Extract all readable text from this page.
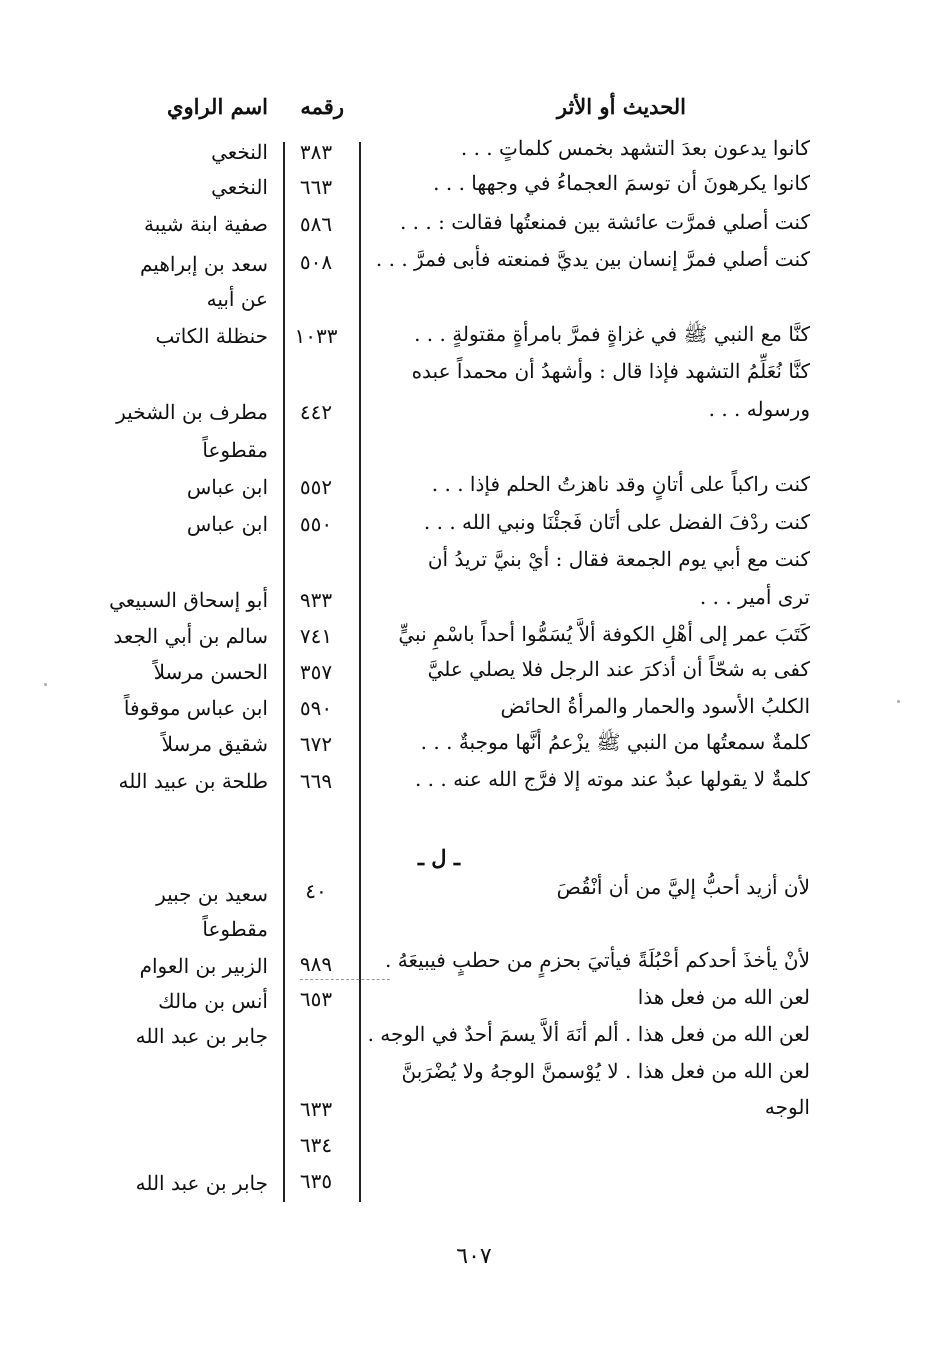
الحديث أو الأثر
رقمه
اسم الراوي
كانوا يدعون بعدَ التشهد بخمس كلماتٍ . . .
كانوا يكرهونَ أن توسمَ العجماءُ في وجهها . . .
كنت أصلي فمرَّت عائشة بين فمنعتُها فقالت : . . .
كنت أصلي فمرَّ إنسان بين يديَّ فمنعته فأبى فمرَّ . . .
كنَّا مع النبي ﷺ في غزاةٍ فمرَّ بامرأةٍ مقتولةٍ . . .
كنَّا نُعَلِّمُ التشهد فإذا قال : وأشهدُ أن محمداً عبده
ورسوله . . .
كنت راكباً على أتانٍ وقد ناهزتُ الحلم فإذا . . .
كنت ردْفَ الفضل على أتَان فَجئْنَا ونبي الله . . .
كنت مع أبي يوم الجمعة فقال : أيْ بنيَّ تريدُ أن
ترى أمير . . .
كَتَبَ عمر إلى أهْلِ الكوفة ألاَّ يُسَمُّوا أحداً باسْمِ نبيٍّ
كفى به شحّاً أن أذكرَ عند الرجل فلا يصلي عليَّ
الكلبُ الأسود والحمار والمرأةُ الحائض
كلمةٌ سمعتُها من النبي ﷺ يزْعمُ أنَّها موجبةٌ . . .
كلمةٌ لا يقولها عبدٌ عند موته إلا فرَّج الله عنه . . .
ـ ل ـ
لأن أزيد أحبُّ إليَّ من أن أنْقُصَ
لأنْ يأخذَ أحدكم أحْبُلَةً فيأتيَ بحزمٍ من حطبٍ فيبيعَهُ .
لعن الله من فعل هذا
لعن الله من فعل هذا . ألم أنَهَ ألاَّ يسمَ أحدٌ في الوجه .
لعن الله من فعل هذا . لا يُوْسمنَّ الوجهُ ولا يُضْرَبنَّ
الوجه
٣٨٣
٦٦٣
٥٨٦
٥٠٨
١٠٣٣
٤٤٢
٥٥٢
٥٥٠
٩٣٣
٧٤١
٣٥٧
٥٩٠
٦٧٢
٦٦٩
٤٠
٩٨٩
٦٥٣
٦٣٣
٦٣٤
٦٣٥
النخعي
النخعي
صفية ابنة شيبة
سعد بن إبراهيم
عن أبيه
حنظلة الكاتب
مطرف بن الشخير
مقطوعاً
ابن عباس
ابن عباس
أبو إسحاق السبيعي
سالم بن أبي الجعد
الحسن مرسلاً
ابن عباس موقوفاً
شقيق مرسلاً
طلحة بن عبيد الله
سعيد بن جبير
مقطوعاً
الزبير بن العوام
أنس بن مالك
جابر بن عبد الله
جابر بن عبد الله
٦٠٧
